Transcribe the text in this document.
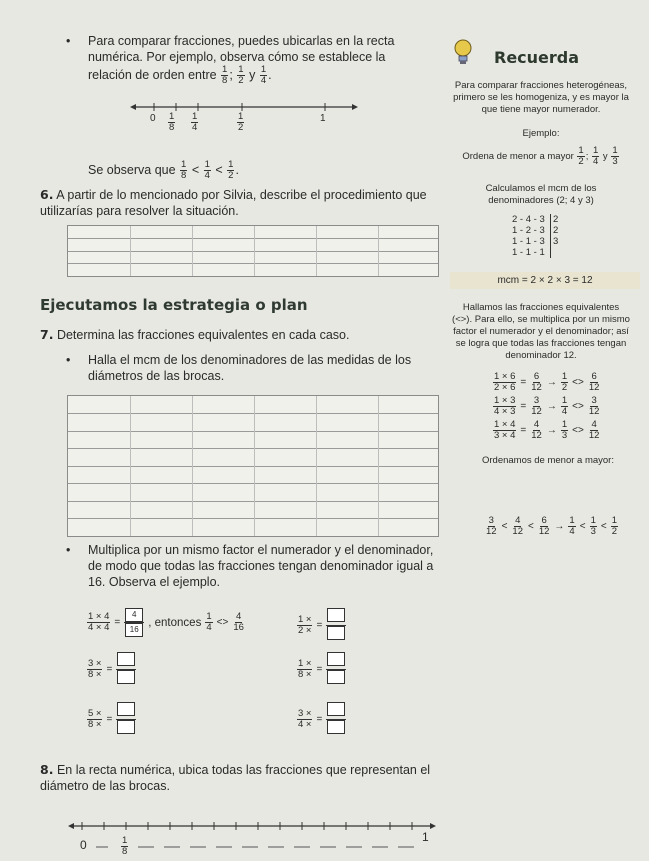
• Para comparar fracciones, puedes ubicarlas en la recta numérica. Por ejemplo, observa cómo se establece la relación de orden entre $\frac{1}{8}$ ; $\frac{1}{2}$ y $\frac{1}{4}$ .
$0 \frac{1}{8} \frac{1}{4}$	$\frac{1}{2}$	1
Se observa que $\frac{1}{8} < \frac{1}{4} < \frac{1}{2}$ .
6. A partir de lo mencionado por Silvia, describe el procedimiento que utilizarías para resolver la situación.
Ejecutamos la estrategia o plan
7. Determina las fracciones equivalentes en cada caso.
• Halla el mcm de los denominadores de las medidas de los diámetros de las brocas.
• Multiplica por un mismo factor el numerador y el denominador, de modo que todas las fracciones tengan denominador igual a 16. Observa el ejemplo.
$\frac{1 \times 4}{4 \times 4} = \frac{4}{16}$ , entonces $\frac{1}{4} <> \frac{4}{16}$	$\frac{1 \times}{2 \times}$ =
$\frac{3 \times}{8 \times}$ =	$\frac{1 \times}{8 \times}$ =
$\frac{5 \times}{8 \times}$ =	$\frac{3 \times}{4 \times}$ =
8. En la recta numérica, ubica todas las fracciones que representan el diámetro de las brocas.
0	$\frac{1}{8}$	1
Recuerda
Para comparar fracciones heterogéneas, primero se les homogeniza, y es mayor la que tiene mayor numerador.
Ejemplo:
Ordena de menor a mayor $\frac{1}{2}$ ; $\frac{1}{4}$ y $\frac{1}{3}$
Calculamos el mcm de los denominadores (2; 4 y 3)
2 - 4 - 3 2
1 - 2 - 3 2
1 - 1 - 3 3
1 - 1 - 1
mcm = 2 × 2 × 3 = 12
Hallamos las fracciones equivalentes (<>). Para ello, se multiplica por un mismo factor el numerador y el denominador; así se logra que todas las fracciones tengan denominador 12.
$\frac{1 \times 6}{2 \times 6} = \frac{6}{12} \to \frac{1}{2} <> \frac{6}{12}$
$\frac{1 \times 3}{4 \times 3} = \frac{3}{12} \to \frac{1}{4} <> \frac{3}{12}$
$\frac{1 \times 4}{3 \times 4} = \frac{4}{12} \to \frac{1}{3} <> \frac{4}{12}$
Ordenamos de menor a mayor:
$\frac{3}{12} < \frac{4}{12} < \frac{6}{12} \to \frac{1}{4} < \frac{1}{3} < \frac{1}{2}$
